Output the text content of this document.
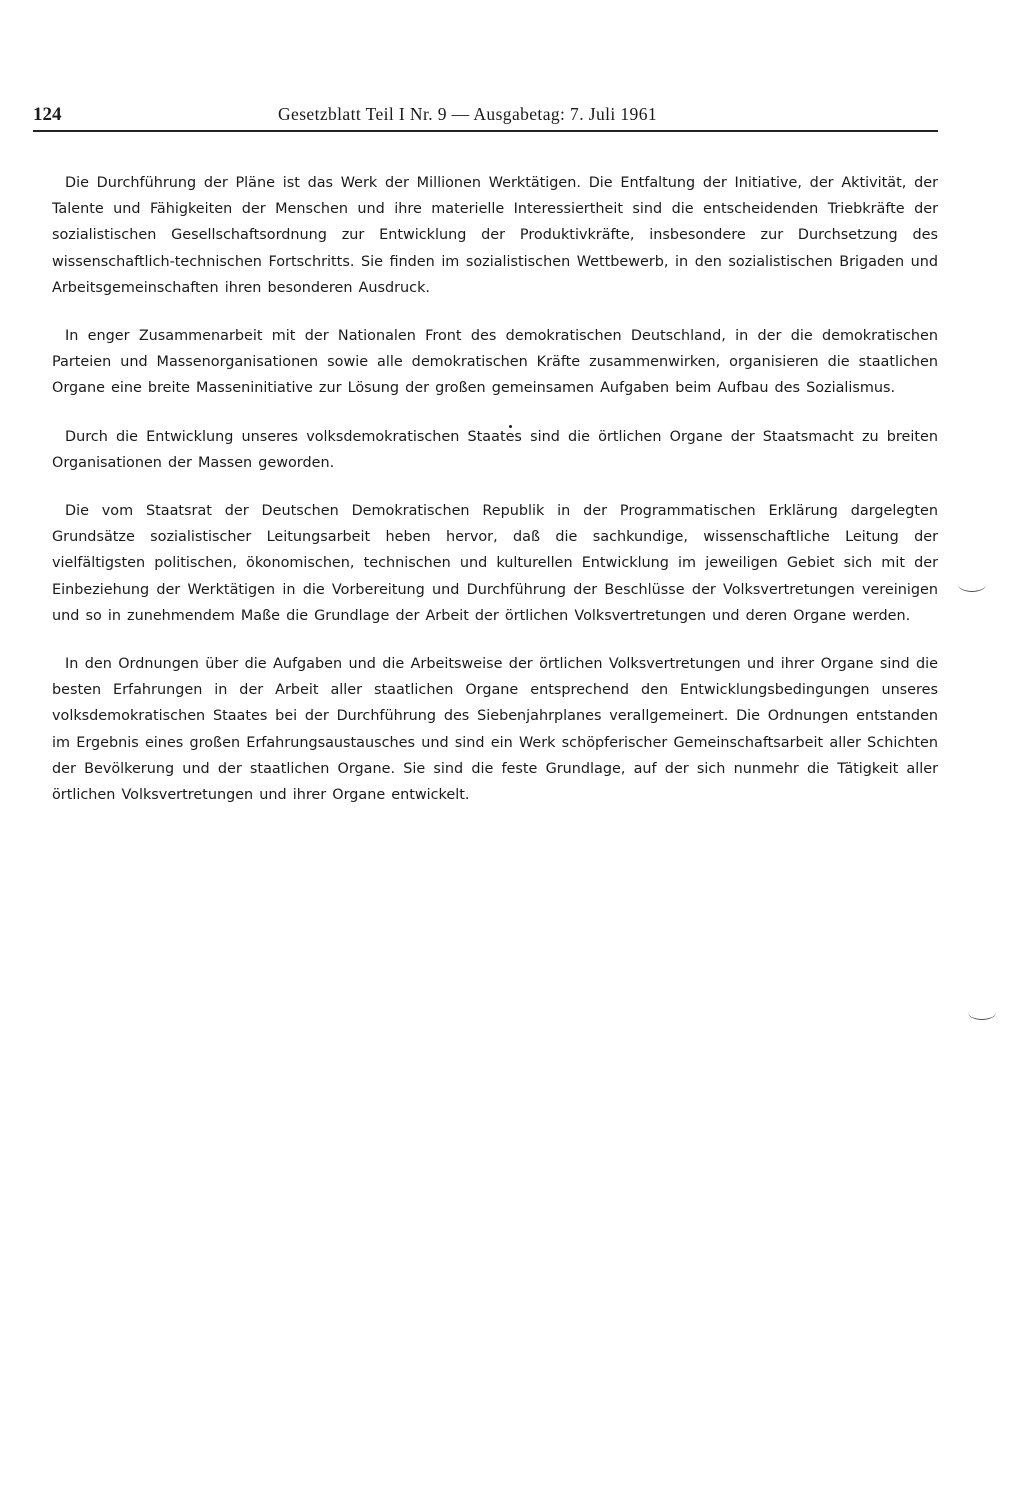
124	Gesetzblatt Teil I Nr. 9 — Ausgabetag: 7. Juli 1961

Die Durchführung der Pläne ist das Werk der Millionen Werktätigen. Die Entfaltung der Initiative, der Aktivität, der Talente und Fähigkeiten der Menschen und ihre materielle Interessiertheit sind die entscheidenden Triebkräfte der sozialistischen Gesellschaftsordnung zur Entwicklung der Produktivkräfte, insbesondere zur Durchsetzung des wissenschaftlich-technischen Fortschritts. Sie finden im sozialistischen Wettbewerb, in den sozialistischen Brigaden und Arbeitsgemeinschaften ihren besonderen Ausdruck.

In enger Zusammenarbeit mit der Nationalen Front des demokratischen Deutschland, in der die demokratischen Parteien und Massenorganisationen sowie alle demokratischen Kräfte zusammenwirken, organisieren die staatlichen Organe eine breite Masseninitiative zur Lösung der großen gemeinsamen Aufgaben beim Aufbau des Sozialismus.

Durch die Entwicklung unseres volksdemokratischen Staates sind die örtlichen Organe der Staatsmacht zu breiten Organisationen der Massen geworden.

Die vom Staatsrat der Deutschen Demokratischen Republik in der Programmatischen Erklärung dargelegten Grundsätze sozialistischer Leitungsarbeit heben hervor, daß die sachkundige, wissenschaftliche Leitung der vielfältigsten politischen, ökonomischen, technischen und kulturellen Entwicklung im jeweiligen Gebiet sich mit der Einbeziehung der Werktätigen in die Vorbereitung und Durchführung der Beschlüsse der Volksvertretungen vereinigen und so in zunehmendem Maße die Grundlage der Arbeit der örtlichen Volksvertretungen und deren Organe werden.

In den Ordnungen über die Aufgaben und die Arbeitsweise der örtlichen Volksvertretungen und ihrer Organe sind die besten Erfahrungen in der Arbeit aller staatlichen Organe entsprechend den Entwicklungsbedingungen unseres volksdemokratischen Staates bei der Durchführung des Siebenjahrplanes verallgemeinert. Die Ordnungen entstanden im Ergebnis eines großen Erfahrungsaustausches und sind ein Werk schöpferischer Gemeinschaftsarbeit aller Schichten der Bevölkerung und der staatlichen Organe. Sie sind die feste Grundlage, auf der sich nunmehr die Tätigkeit aller örtlichen Volksvertretungen und ihrer Organe entwickelt.
